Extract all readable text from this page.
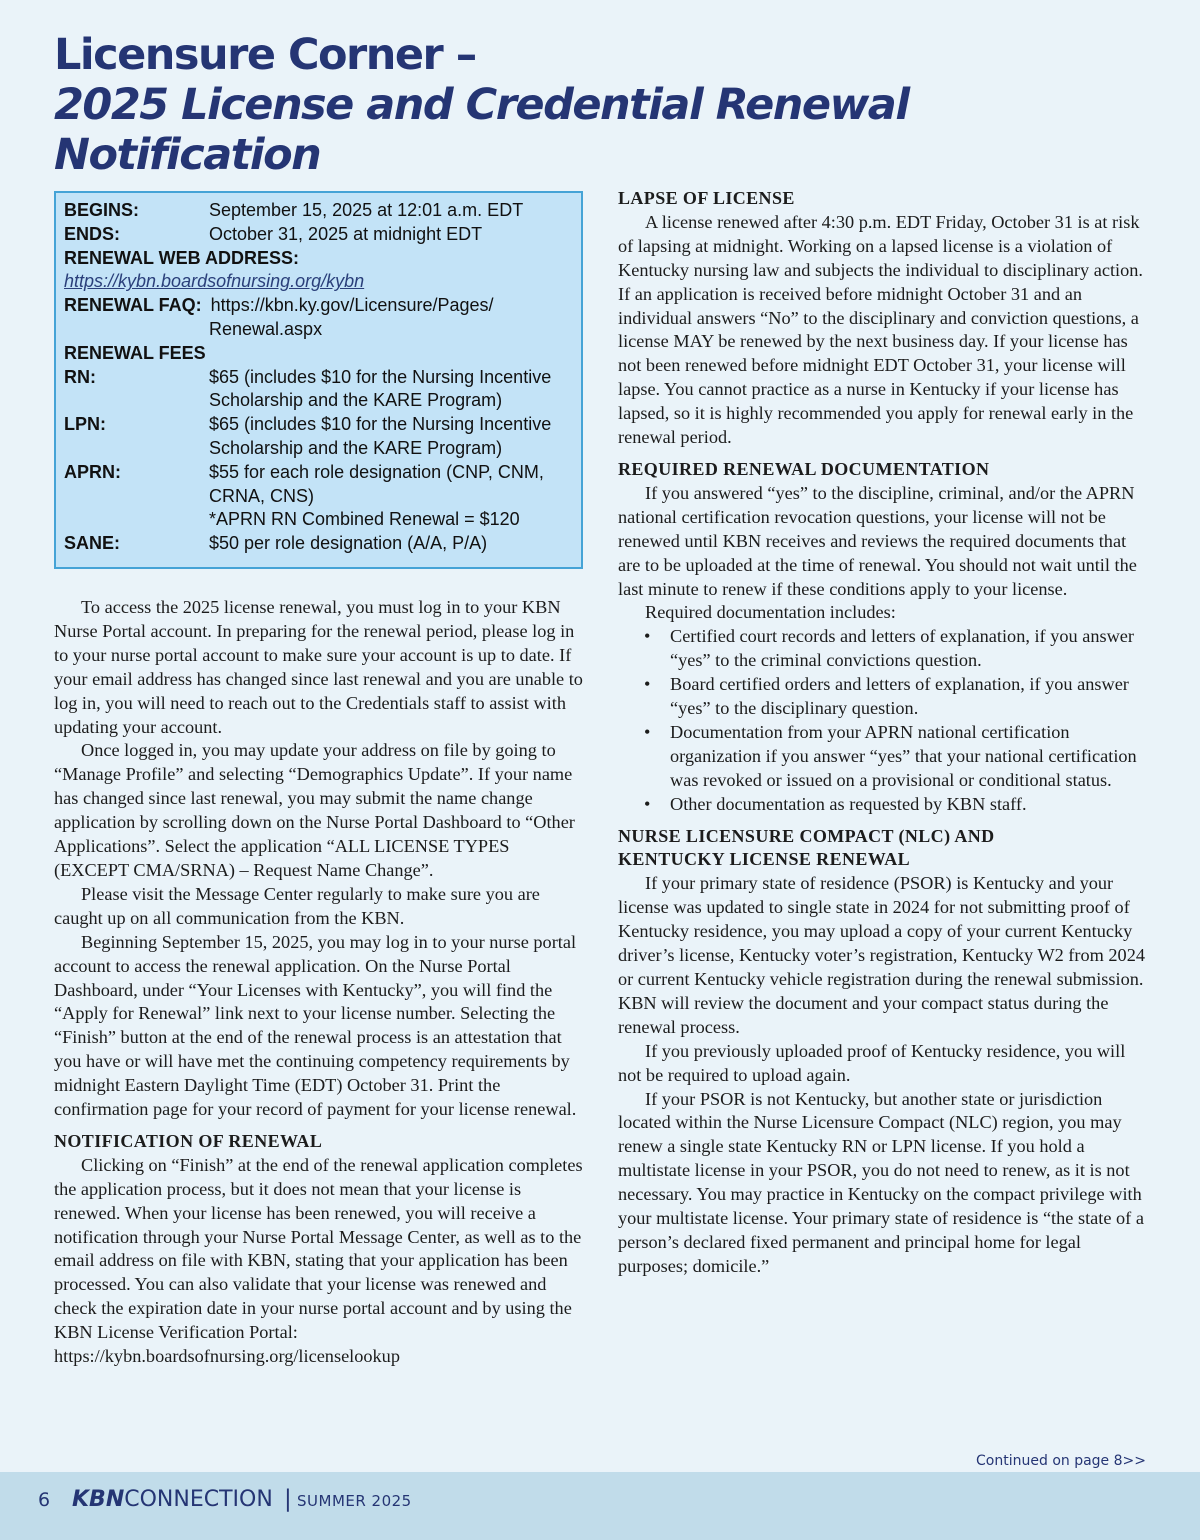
Licensure Corner –
2025 License and Credential Renewal Notification
BEGINS:	September 15, 2025 at 12:01 a.m. EDT
ENDS:	October 31, 2025 at midnight EDT
RENEWAL WEB ADDRESS:
https://kybn.boardsofnursing.org/kybn
RENEWAL FAQ: https://kbn.ky.gov/Licensure/Pages/
Renewal.aspx
RENEWAL FEES
RN:	$65 (includes $10 for the Nursing Incentive Scholarship and the KARE Program)
LPN:	$65 (includes $10 for the Nursing Incentive Scholarship and the KARE Program)
APRN:	$55 for each role designation (CNP, CNM, CRNA, CNS)
*APRN RN Combined Renewal = $120
SANE:	$50 per role designation (A/A, P/A)

To access the 2025 license renewal, you must log in to your KBN Nurse Portal account. In preparing for the renewal period, please log in to your nurse portal account to make sure your account is up to date. If your email address has changed since last renewal and you are unable to log in, you will need to reach out to the Credentials staff to assist with updating your account.

Once logged in, you may update your address on file by going to “Manage Profile” and selecting “Demographics Update”. If your name has changed since last renewal, you may submit the name change application by scrolling down on the Nurse Portal Dashboard to “Other Applications”. Select the application “ALL LICENSE TYPES (EXCEPT CMA/SRNA) – Request Name Change”.

Please visit the Message Center regularly to make sure you are caught up on all communication from the KBN.

Beginning September 15, 2025, you may log in to your nurse portal account to access the renewal application. On the Nurse Portal Dashboard, under “Your Licenses with Kentucky”, you will find the “Apply for Renewal” link next to your license number. Selecting the “Finish” button at the end of the renewal process is an attestation that you have or will have met the continuing competency requirements by midnight Eastern Daylight Time (EDT) October 31. Print the confirmation page for your record of payment for your license renewal.

NOTIFICATION OF RENEWAL

Clicking on “Finish” at the end of the renewal application completes the application process, but it does not mean that your license is renewed. When your license has been renewed, you will receive a notification through your Nurse Portal Message Center, as well as to the email address on file with KBN, stating that your application has been processed. You can also validate that your license was renewed and check the expiration date in your nurse portal account and by using the KBN License Verification Portal: https://kybn.boardsofnursing.org/licenselookup

LAPSE OF LICENSE

A license renewed after 4:30 p.m. EDT Friday, October 31 is at risk of lapsing at midnight. Working on a lapsed license is a violation of Kentucky nursing law and subjects the individual to disciplinary action. If an application is received before midnight October 31 and an individual answers “No” to the disciplinary and conviction questions, a license MAY be renewed by the next business day. If your license has not been renewed before midnight EDT October 31, your license will lapse. You cannot practice as a nurse in Kentucky if your license has lapsed, so it is highly recommended you apply for renewal early in the renewal period.

REQUIRED RENEWAL DOCUMENTATION

If you answered “yes” to the discipline, criminal, and/or the APRN national certification revocation questions, your license will not be renewed until KBN receives and reviews the required documents that are to be uploaded at the time of renewal. You should not wait until the last minute to renew if these conditions apply to your license.

Required documentation includes:

• Certified court records and letters of explanation, if you answer “yes” to the criminal convictions question.
• Board certified orders and letters of explanation, if you answer “yes” to the disciplinary question.
• Documentation from your APRN national certification organization if you answer “yes” that your national certification was revoked or issued on a provisional or conditional status.
• Other documentation as requested by KBN staff.
NURSE LICENSURE COMPACT (NLC) AND
KENTUCKY LICENSE RENEWAL

If your primary state of residence (PSOR) is Kentucky and your license was updated to single state in 2024 for not submitting proof of Kentucky residence, you may upload a copy of your current Kentucky driver’s license, Kentucky voter’s registration, Kentucky W2 from 2024 or current Kentucky vehicle registration during the renewal submission. KBN will review the document and your compact status during the renewal process.

If you previously uploaded proof of Kentucky residence, you will not be required to upload again.

If your PSOR is not Kentucky, but another state or jurisdiction located within the Nurse Licensure Compact (NLC) region, you may renew a single state Kentucky RN or LPN license. If you hold a multistate license in your PSOR, you do not need to renew, as it is not necessary. You may practice in Kentucky on the compact privilege with your multistate license. Your primary state of residence is “the state of a person’s declared fixed permanent and principal home for legal purposes; domicile.”

Continued on page 8>>
6 KBNCONNECTION | SUMMER 2025
